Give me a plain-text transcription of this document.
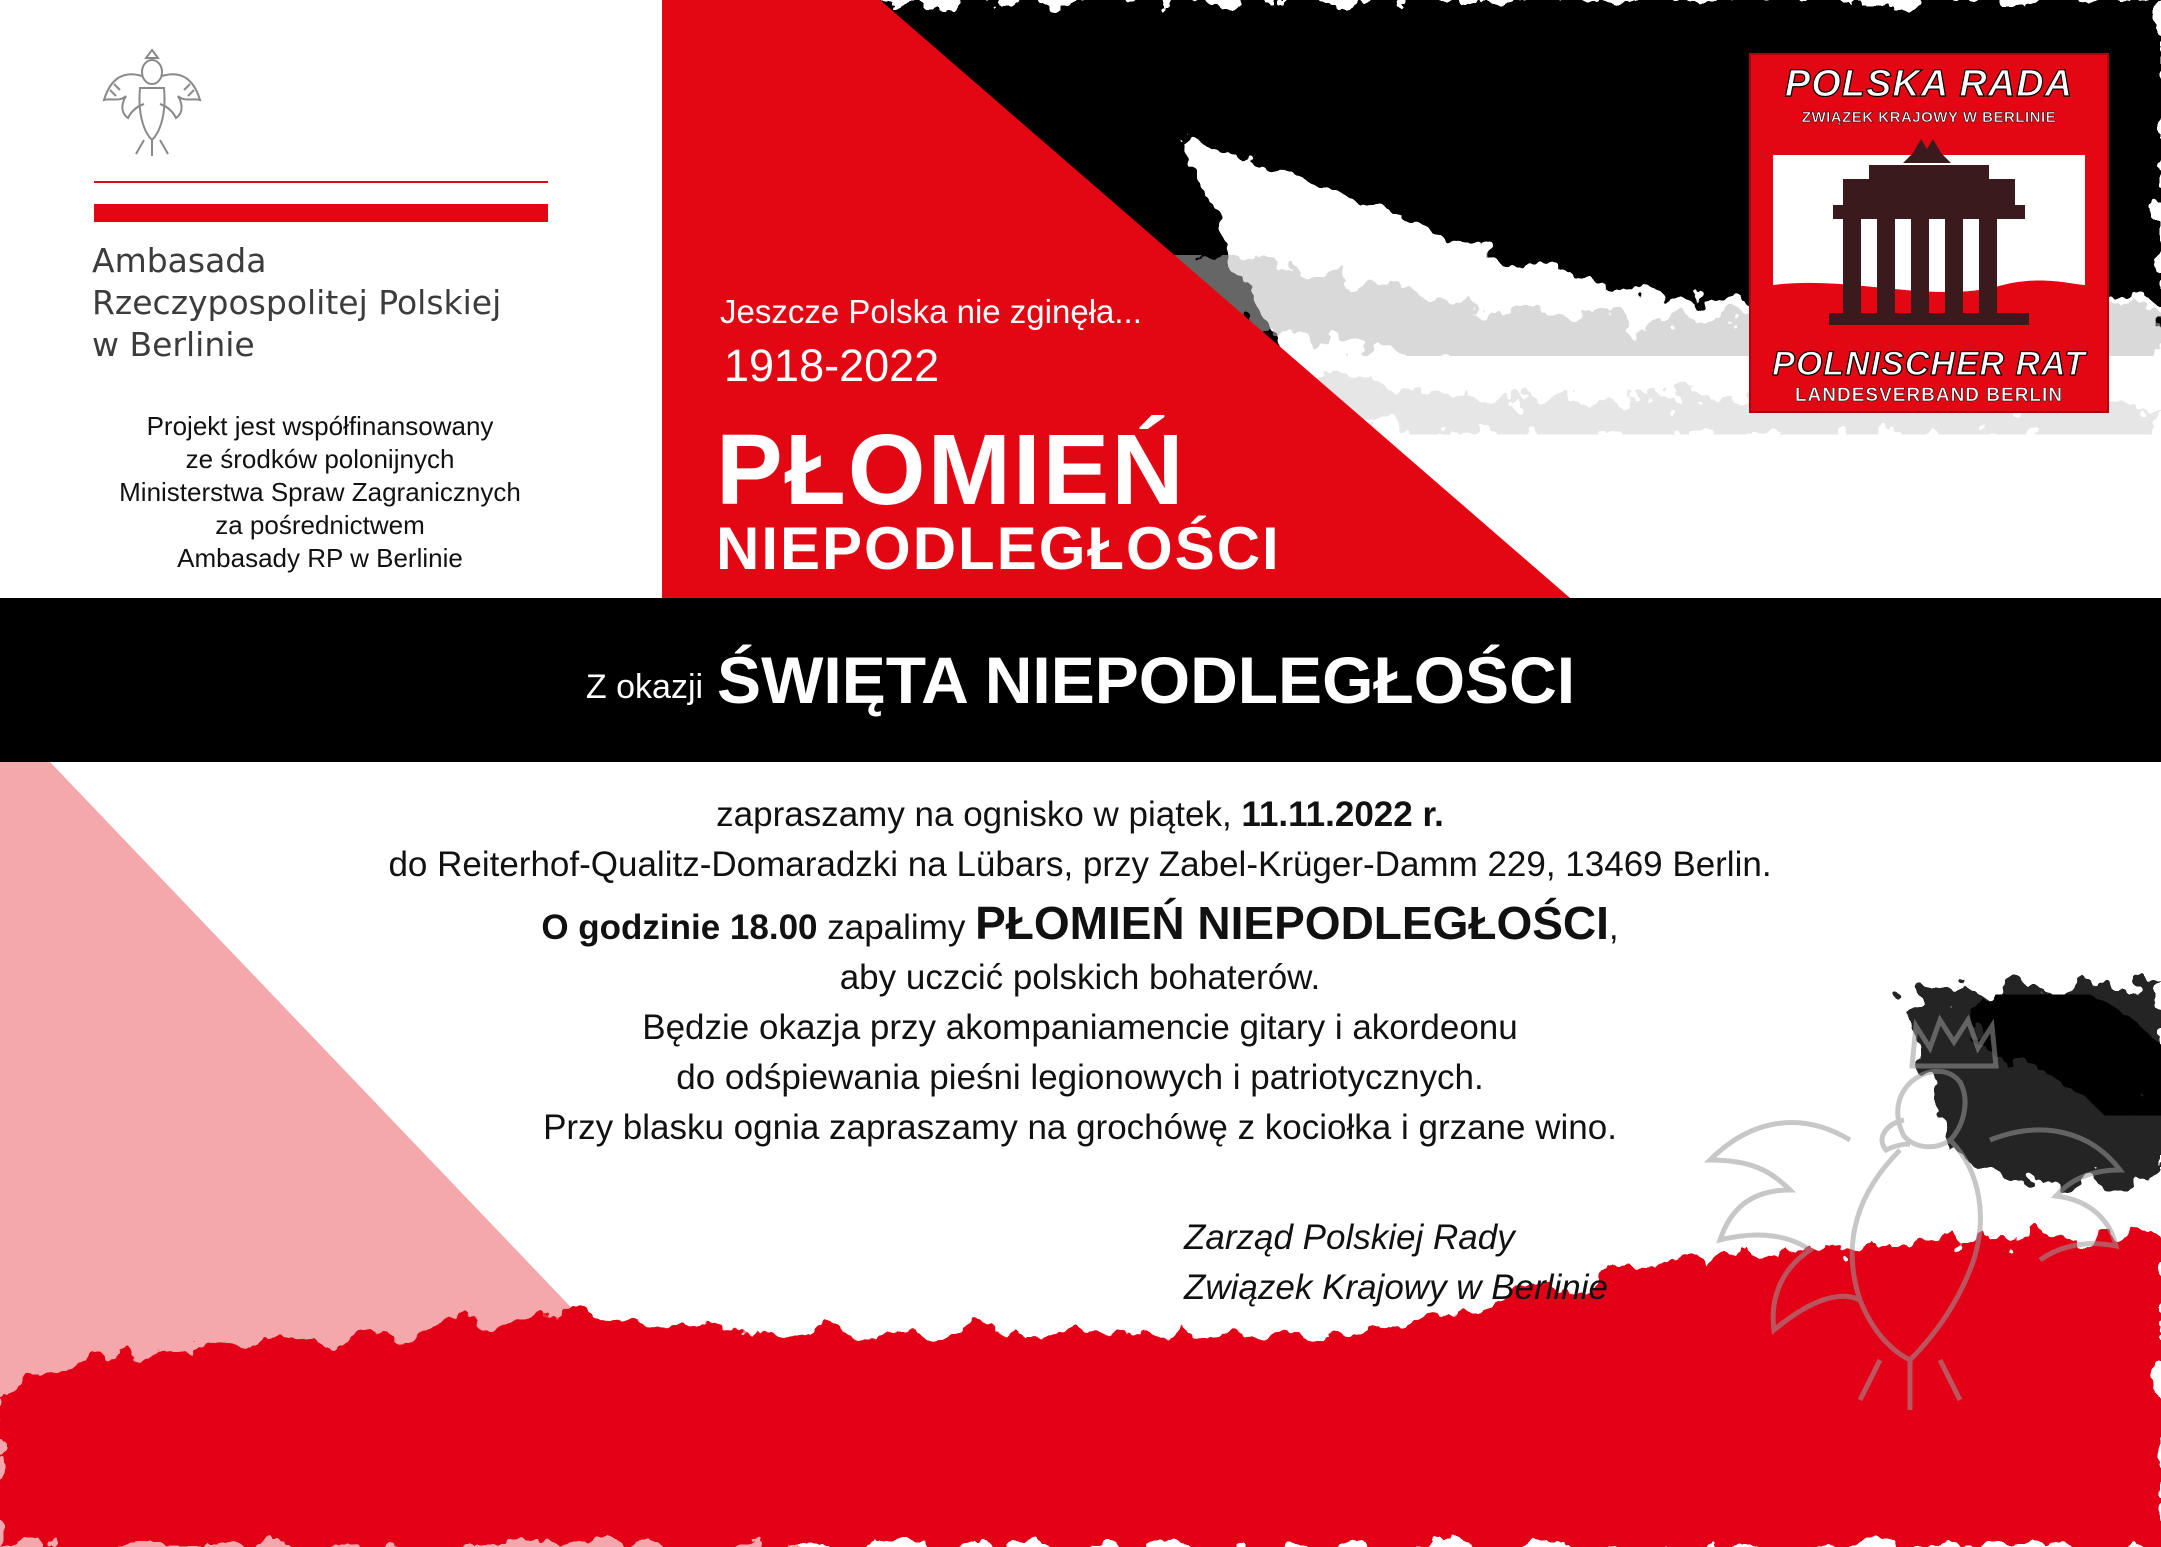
Ambasada
Rzeczypospolitej Polskiej
w Berlinie
Projekt jest współfinansowany
ze środków polonijnych
Ministerstwa Spraw Zagranicznych
za pośrednictwem
Ambasady RP w Berlinie
Jeszcze Polska nie zginęła...
1918-2022
PŁOMIEŃ
NIEPODLEGŁOŚCI
POLSKA RADA
ZWIĄZEK KRAJOWY W BERLINIE
POLNISCHER RAT
LANDESVERBAND BERLIN
Z okazji ŚWIĘTA NIEPODLEGŁOŚCI
zapraszamy na ognisko w piątek, 11.11.2022 r.
do Reiterhof-Qualitz-Domaradzki na Lübars, przy Zabel-Krüger-Damm 229, 13469 Berlin.
O godzinie 18.00 zapalimy PŁOMIEŃ NIEPODLEGŁOŚCI,
aby uczcić polskich bohaterów.
Będzie okazja przy akompaniamencie gitary i akordeonu
do odśpiewania pieśni legionowych i patriotycznych.
Przy blasku ognia zapraszamy na grochówę z kociołka i grzane wino.
Zarząd Polskiej Rady
Związek Krajowy w Berlinie
